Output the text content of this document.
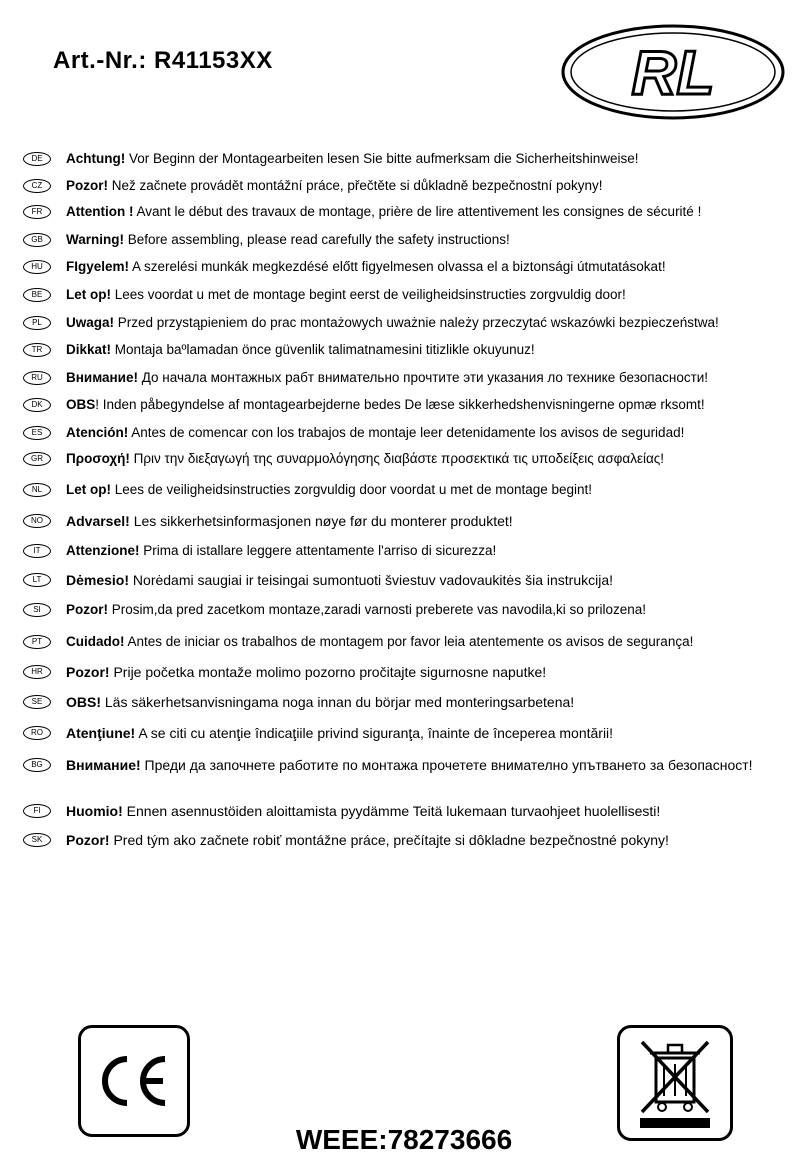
Art.-Nr.: R41153XX	RL
DE	Achtung! Vor Beginn der Montagearbeiten lesen Sie bitte aufmerksam die Sicherheitshinweise!
CZ	Pozor! Než začnete provádět montážní práce, přečtěte si důkladně bezpečnostní pokyny!
FR	Attention ! Avant le début des travaux de montage, prière de lire attentivement les consignes de sécurité !
GB	Warning! Before assembling, please read carefully the safety instructions!
HU	FIgyelem! A szerelési munkák megkezdésé előtt figyelmesen olvassa el a biztonsági útmutatásokat!
BE	Let op! Lees voordat u met de montage begint eerst de veiligheidsinstructies zorgvuldig door!
PL	Uwaga! Przed przystąpieniem do prac montażowych uważnie należy przeczytać wskazówki bezpieczeństwa!
TR	Dikkat! Montaja baºlamadan önce güvenlik talimatnamesini titizlikle okuyunuz!
RU	Внимание! До начала монтажных рабт внимательно прочтите эти указания ло технике безопасности!
DK	OBS! Inden påbegyndelse af montagearbejderne bedes De læse sikkerhedshenvisningerne opmæ rksomt!
ES	Atención! Antes de comencar con los trabajos de montaje leer detenidamente los avisos de seguridad!
GR	Προσοχή! Πριν την διεξαγωγή της συναρμολόγησης διαβάστε προσεκτικά τις υποδείξεις ασφαλείας!
NL	Let op! Lees de veiligheidsinstructies zorgvuldig door voordat u met de montage begint!
NO	Advarsel! Les sikkerhetsinformasjonen nøye før du monterer produktet!
IT	Attenzione! Prima di istallare leggere attentamente l'arriso di sicurezza!
LT	Dėmesio! Norėdami saugiai ir teisingai sumontuoti šviestuv vadovaukitės šia instrukcija!
SI	Pozor! Prosim,da pred zacetkom montaze,zaradi varnosti preberete vas navodila,ki so prilozena!
PT	Cuidado! Antes de iniciar os trabalhos de montagem por favor leia atentemente os avisos de segurança!
HR	Pozor! Prije početka montaže molimo pozorno pročitajte sigurnosne naputke!
SE	OBS! Läs säkerhetsanvisningama noga innan du börjar med monteringsarbetena!
RO	Atenţiune! A se citi cu atenţie îndicaţiile privind siguranţa, înainte de începerea montării!
BG	Внимание! Преди да започнете работите по монтажа прочетете внимателно упътването за безопасност!
FI	Huomio! Ennen asennustöiden aloittamista pyydämme Teitä lukemaan turvaohjeet huolellisesti!
SK	Pozor! Pred tým ako začnete robiť montážne práce, prečítajte si dôkladne bezpečnostné pokyny!
WEEE:78273666
